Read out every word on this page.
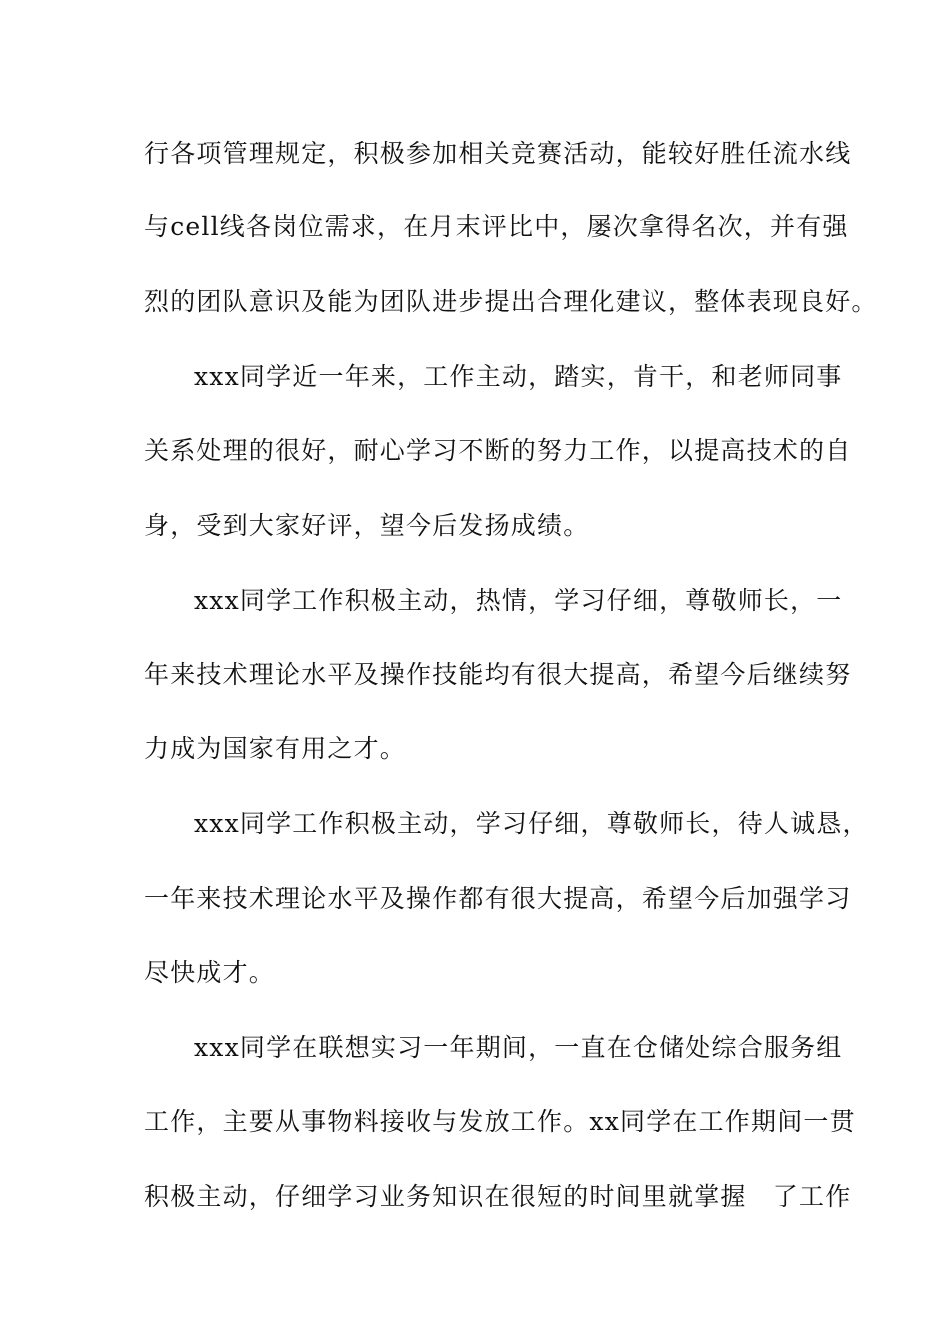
行各项管理规定，积极参加相关竞赛活动，能较好胜任流水线
与cell线各岗位需求，在月末评比中，屡次拿得名次，并有强
烈的团队意识及能为团队进步提出合理化建议，整体表现良好。
xxx同学近一年来，工作主动，踏实，肯干，和老师同事
关系处理的很好，耐心学习不断的努力工作，以提高技术的自
身，受到大家好评，望今后发扬成绩。
xxx同学工作积极主动，热情，学习仔细，尊敬师长，一
年来技术理论水平及操作技能均有很大提高，希望今后继续努
力成为国家有用之才。
xxx同学工作积极主动，学习仔细，尊敬师长，待人诚恳，
一年来技术理论水平及操作都有很大提高，希望今后加强学习
尽快成才。
xxx同学在联想实习一年期间，一直在仓储处综合服务组
工作，主要从事物料接收与发放工作。xx同学在工作期间一贯
积极主动，仔细学习业务知识在很短的时间里就掌握　了工作
